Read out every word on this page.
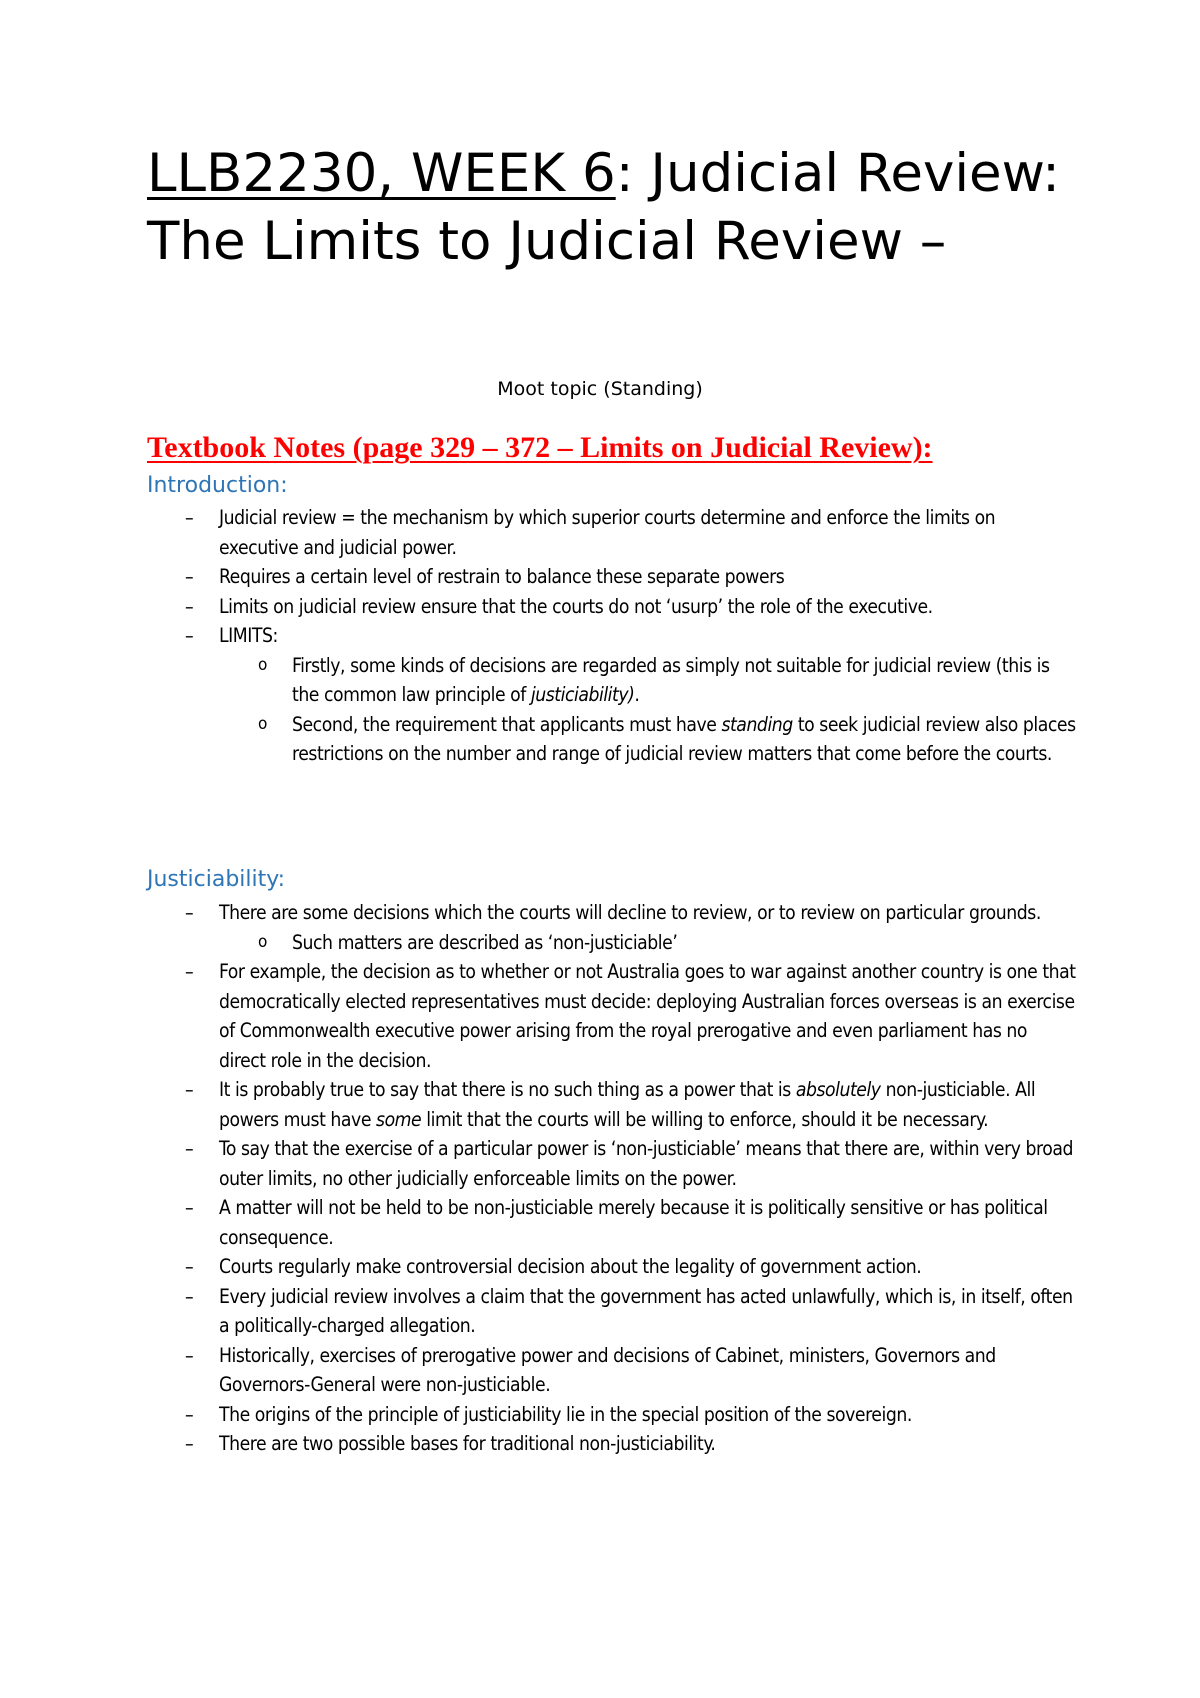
LLB2230, WEEK 6: Judicial Review: The Limits to Judicial Review –
Moot topic (Standing)
Textbook Notes (page 329 – 372 – Limits on Judicial Review):
Introduction:
– Judicial review = the mechanism by which superior courts determine and enforce the limits on executive and judicial power.
– Requires a certain level of restrain to balance these separate powers
– Limits on judicial review ensure that the courts do not ‘usurp’ the role of the executive.
– LIMITS:
o Firstly, some kinds of decisions are regarded as simply not suitable for judicial review (this is the common law principle of justiciability).
o Second, the requirement that applicants must have standing to seek judicial review also places restrictions on the number and range of judicial review matters that come before the courts.
Justiciability:
– There are some decisions which the courts will decline to review, or to review on particular grounds.
o Such matters are described as ‘non-justiciable’
– For example, the decision as to whether or not Australia goes to war against another country is one that democratically elected representatives must decide: deploying Australian forces overseas is an exercise of Commonwealth executive power arising from the royal prerogative and even parliament has no direct role in the decision.
– It is probably true to say that there is no such thing as a power that is absolutely non-justiciable. All powers must have some limit that the courts will be willing to enforce, should it be necessary.
– To say that the exercise of a particular power is ‘non-justiciable’ means that there are, within very broad outer limits, no other judicially enforceable limits on the power.
– A matter will not be held to be non-justiciable merely because it is politically sensitive or has political consequence.
– Courts regularly make controversial decision about the legality of government action.
– Every judicial review involves a claim that the government has acted unlawfully, which is, in itself, often a politically-charged allegation.
– Historically, exercises of prerogative power and decisions of Cabinet, ministers, Governors and Governors-General were non-justiciable.
– The origins of the principle of justiciability lie in the special position of the sovereign.
– There are two possible bases for traditional non-justiciability.
